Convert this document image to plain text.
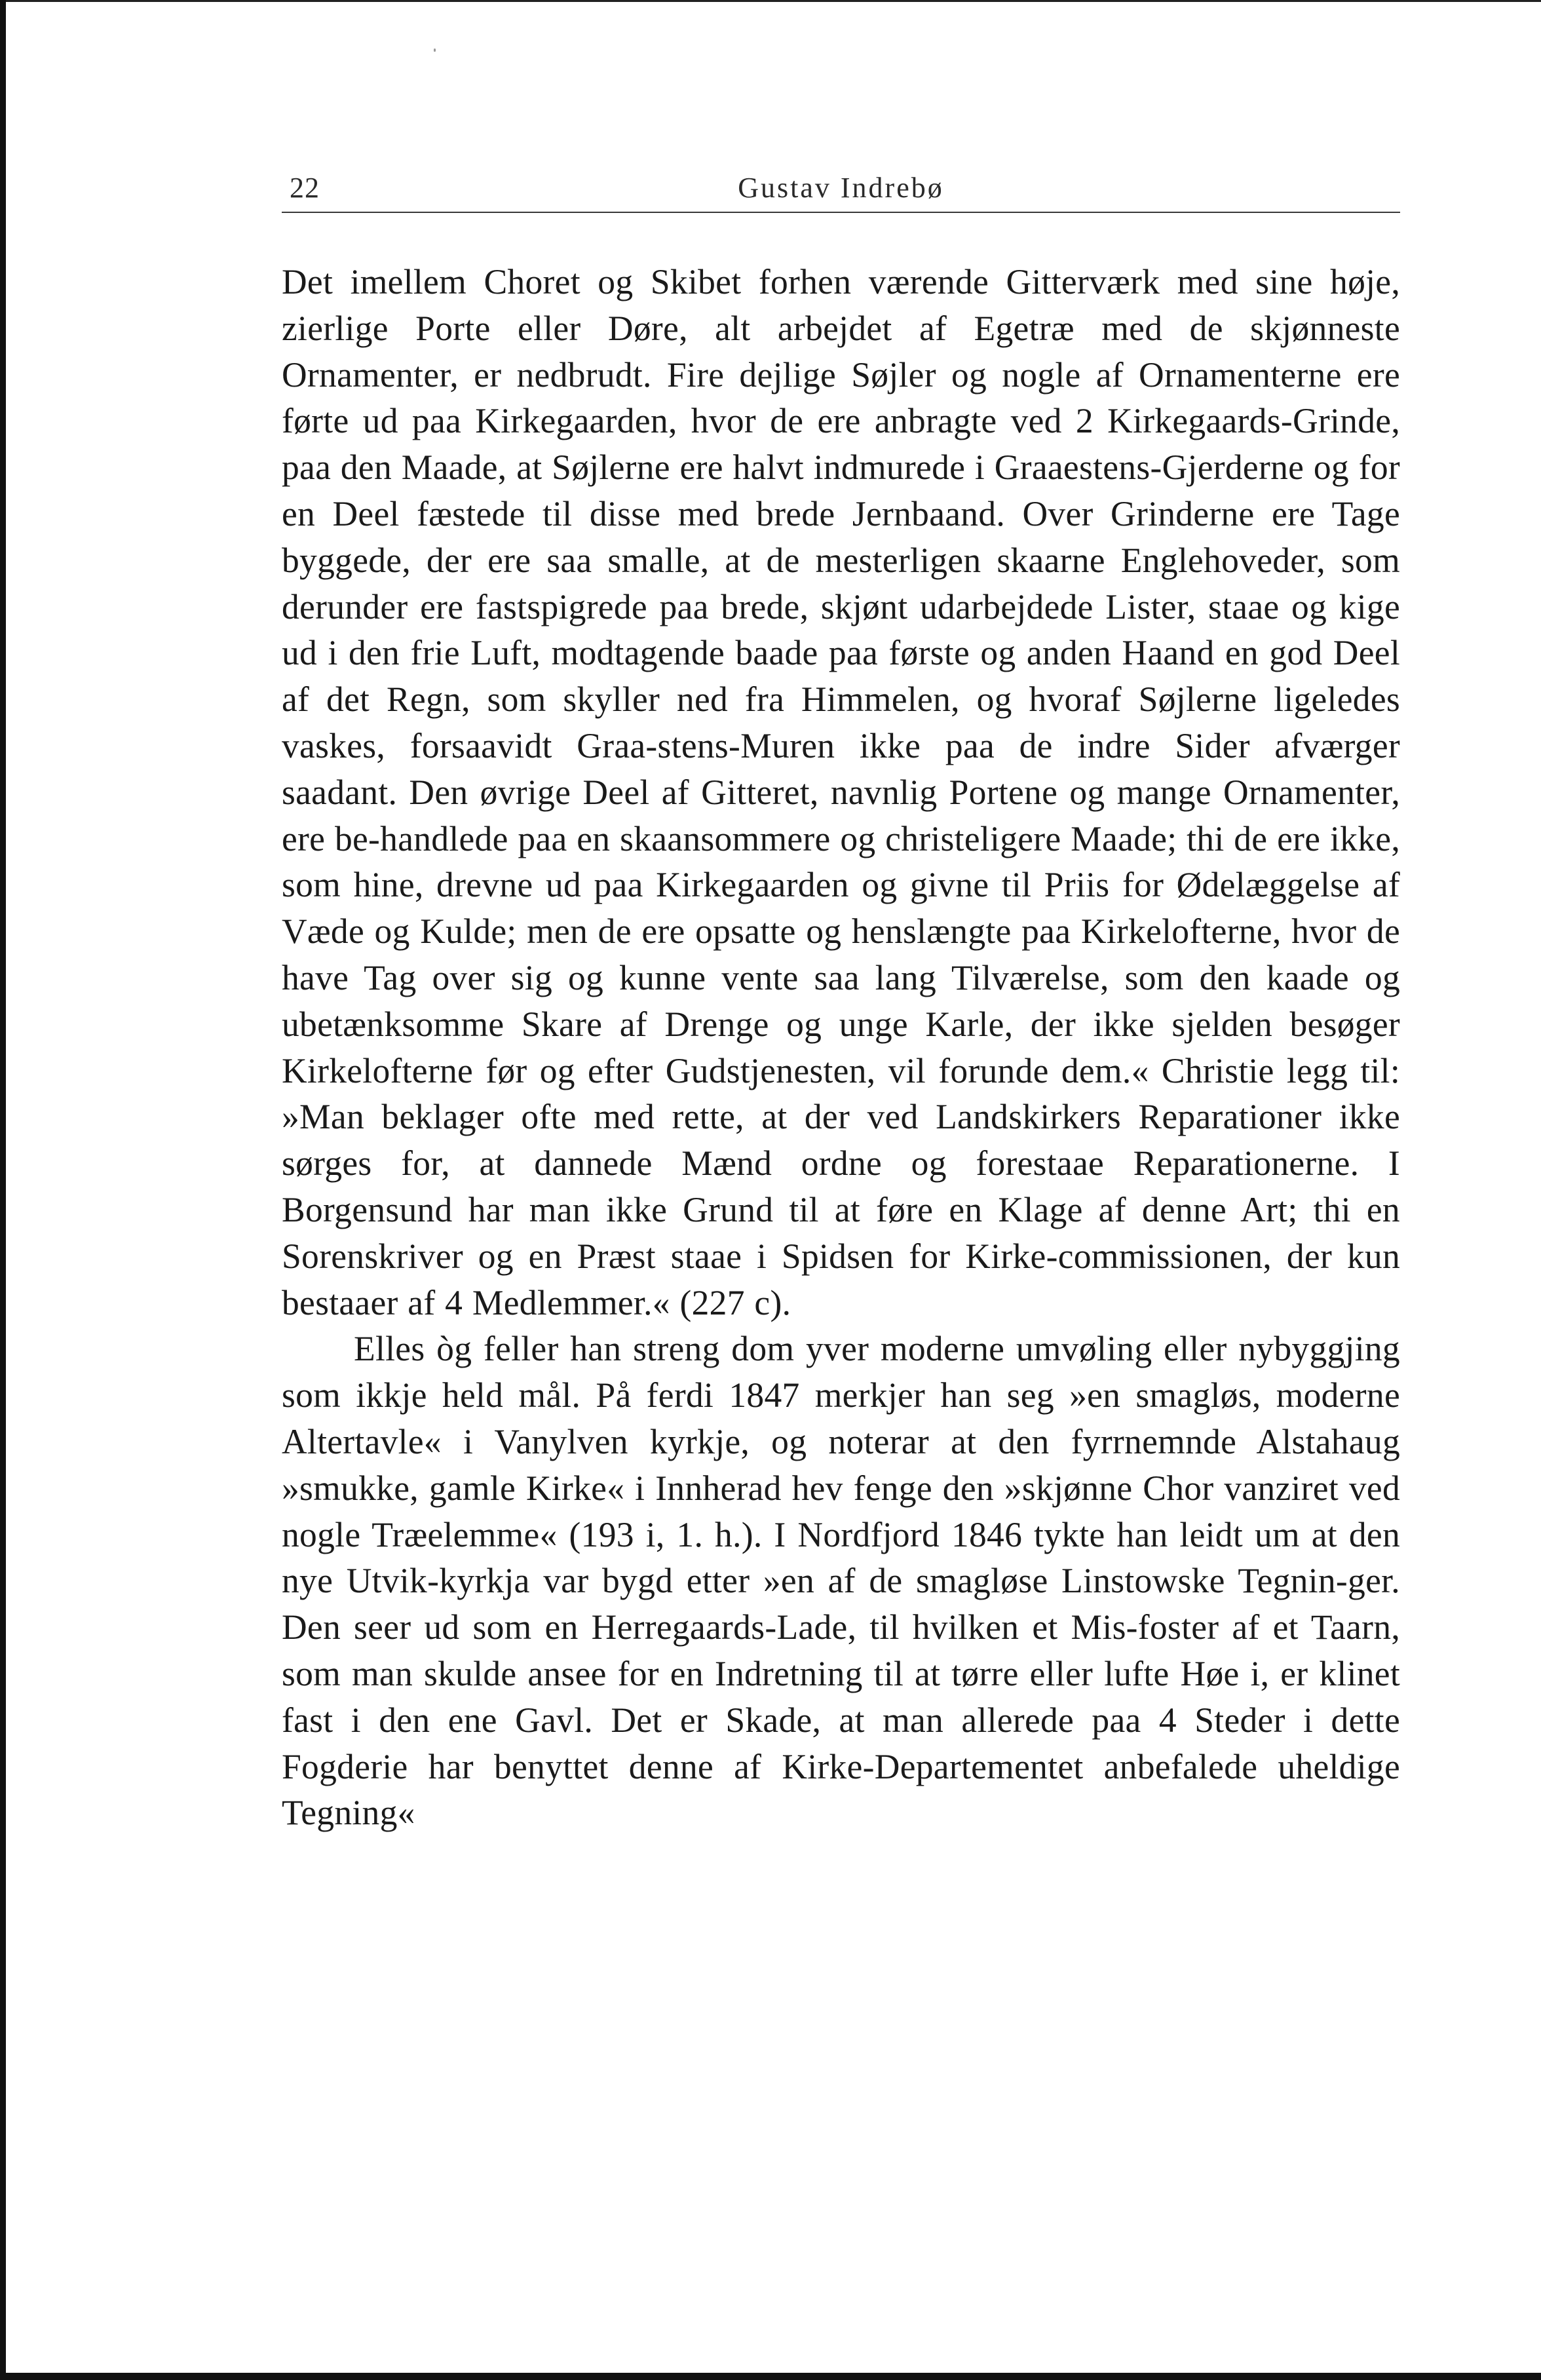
22	Gustav Indrebø

Det imellem Choret og Skibet forhen værende Gitterværk med sine høje, zierlige Porte eller Døre, alt arbejdet af Egetræ med de skjønneste Ornamenter, er nedbrudt. Fire dejlige Søjler og nogle af Ornamenterne ere førte ud paa Kirkegaarden, hvor de ere anbragte ved 2 Kirkegaards-Grinde, paa den Maade, at Søjlerne ere halvt indmurede i Graaestens-Gjerderne og for en Deel fæstede til disse med brede Jernbaand. Over Grinderne ere Tage byggede, der ere saa smalle, at de mesterligen skaarne Englehoveder, som derunder ere fastspigrede paa brede, skjønt udarbejdede Lister, staae og kige ud i den frie Luft, modtagende baade paa første og anden Haand en god Deel af det Regn, som skyller ned fra Himmelen, og hvoraf Søjlerne ligeledes vaskes, forsaavidt Graa-stens-Muren ikke paa de indre Sider afværger saadant. Den øvrige Deel af Gitteret, navnlig Portene og mange Ornamenter, ere be-handlede paa en skaansommere og christeligere Maade; thi de ere ikke, som hine, drevne ud paa Kirkegaarden og givne til Priis for Ødelæggelse af Væde og Kulde; men de ere opsatte og henslængte paa Kirkelofterne, hvor de have Tag over sig og kunne vente saa lang Tilværelse, som den kaade og ubetænksomme Skare af Drenge og unge Karle, der ikke sjelden besøger Kirkelofterne før og efter Gudstjenesten, vil forunde dem.« Christie legg til: »Man beklager ofte med rette, at der ved Landskirkers Reparationer ikke sørges for, at dannede Mænd ordne og forestaae Reparationerne. I Borgensund har man ikke Grund til at føre en Klage af denne Art; thi en Sorenskriver og en Præst staae i Spidsen for Kirke-commissionen, der kun bestaaer af 4 Medlemmer.« (227 c).

Elles òg feller han streng dom yver moderne umvøling eller nybyggjing som ikkje held mål. På ferdi 1847 merkjer han seg »en smagløs, moderne Altertavle« i Vanylven kyrkje, og noterar at den fyrrnemnde Alstahaug »smukke, gamle Kirke« i Innherad hev fenge den »skjønne Chor vanziret ved nogle Træelemme« (193 i, 1. h.). I Nordfjord 1846 tykte han leidt um at den nye Utvik-kyrkja var bygd etter »en af de smagløse Linstowske Tegnin-ger. Den seer ud som en Herregaards-Lade, til hvilken et Mis-foster af et Taarn, som man skulde ansee for en Indretning til at tørre eller lufte Høe i, er klinet fast i den ene Gavl. Det er Skade, at man allerede paa 4 Steder i dette Fogderie har benyttet denne af Kirke-Departementet anbefalede uheldige Tegning«
